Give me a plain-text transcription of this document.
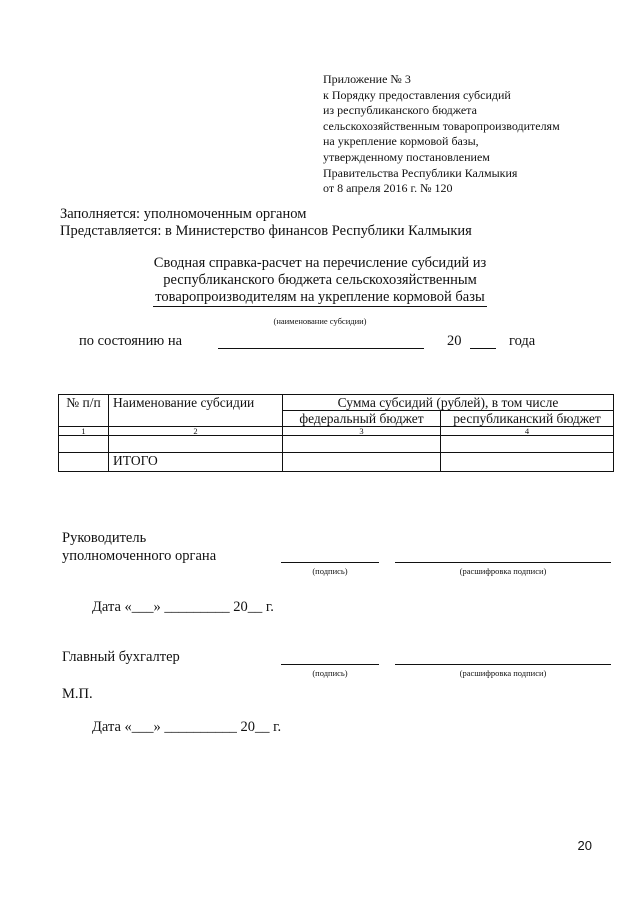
Приложение № 3
к Порядку предоставления субсидий
из республиканского бюджета
сельскохозяйственным товаропроизводителям
на укрепление кормовой базы,
утвержденному постановлением
Правительства Республики Калмыкия
от 8 апреля 2016 г. № 120
Заполняется: уполномоченным органом
Представляется: в Министерство финансов Республики Калмыкия
Сводная справка-расчет на перечисление субсидий из
республиканского бюджета сельскохозяйственным
товаропроизводителям на укрепление кормовой базы
(наименование субсидии)
по состоянию на	20	года
№ п/п	Наименование субсидии	Сумма субсидий (рублей), в том числе	
		федеральный бюджет	республиканский бюджет
1	2	3	4

	ИТОГО		
Руководитель
уполномоченного органа
(подпись)	(расшифровка подписи)
Дата «___» _________ 20__ г.
Главный бухгалтер
(подпись)	(расшифровка подписи)
М.П.
Дата «___» __________ 20__ г.
20
